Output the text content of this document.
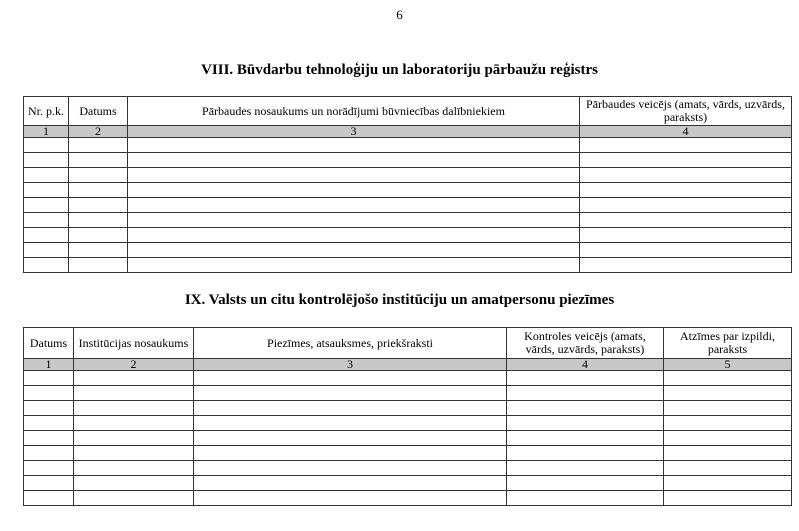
6
VIII. Būvdarbu tehnoloģiju un laboratoriju pārbaužu reģistrs
Nr. p.k.	Datums	Pārbaudes nosaukums un norādījumi būvniecības dalībniekiem	Pārbaudes veicējs (amats, vārds, uzvārds, paraksts)
1	2	3	4

IX. Valsts un citu kontrolējošo institūciju un amatpersonu piezīmes
Datums	Institūcijas nosaukums	Piezīmes, atsauksmes, priekšraksti	Kontroles veicējs (amats, vārds, uzvārds, paraksts)	Atzīmes par izpildi, paraksts
1	2	3	4	5
